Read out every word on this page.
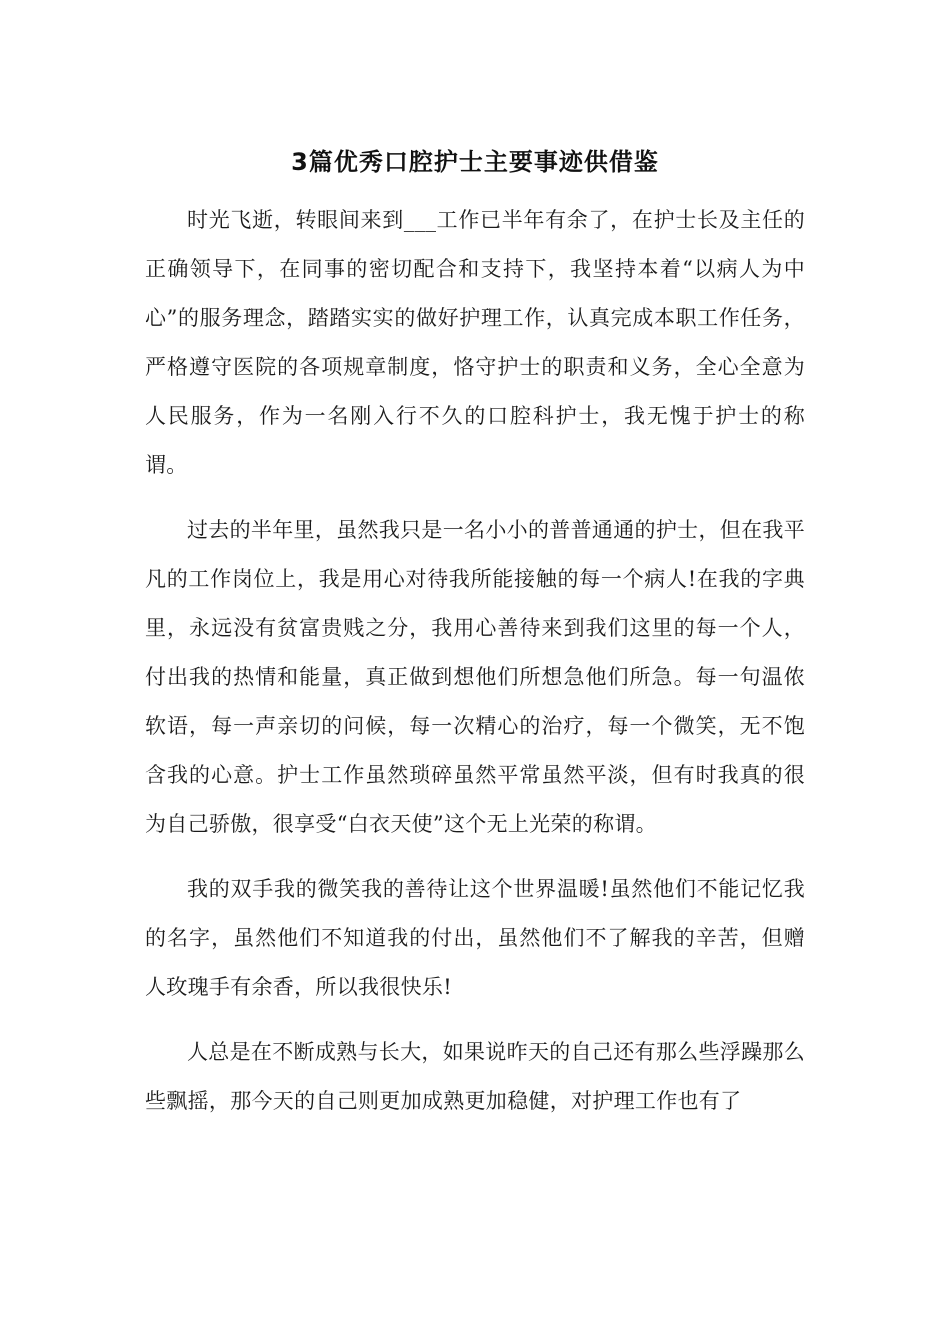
3篇优秀口腔护士主要事迹供借鉴

时光飞逝，转眼间来到___工作已半年有余了，在护士长及主任的正确领导下，在同事的密切配合和支持下，我坚持本着“以病人为中心”的服务理念，踏踏实实的做好护理工作，认真完成本职工作任务，严格遵守医院的各项规章制度，恪守护士的职责和义务，全心全意为人民服务，作为一名刚入行不久的口腔科护士，我无愧于护士的称谓。

过去的半年里，虽然我只是一名小小的普普通通的护士，但在我平凡的工作岗位上，我是用心对待我所能接触的每一个病人!在我的字典里，永远没有贫富贵贱之分，我用心善待来到我们这里的每一个人，付出我的热情和能量，真正做到想他们所想急他们所急。每一句温侬软语，每一声亲切的问候，每一次精心的治疗，每一个微笑，无不饱含我的心意。护士工作虽然琐碎虽然平常虽然平淡，但有时我真的很为自己骄傲，很享受“白衣天使”这个无上光荣的称谓。

我的双手我的微笑我的善待让这个世界温暖!虽然他们不能记忆我的名字，虽然他们不知道我的付出，虽然他们不了解我的辛苦，但赠人玫瑰手有余香，所以我很快乐!

人总是在不断成熟与长大，如果说昨天的自己还有那么些浮躁那么些飘摇，那今天的自己则更加成熟更加稳健，对护理工作也有了
